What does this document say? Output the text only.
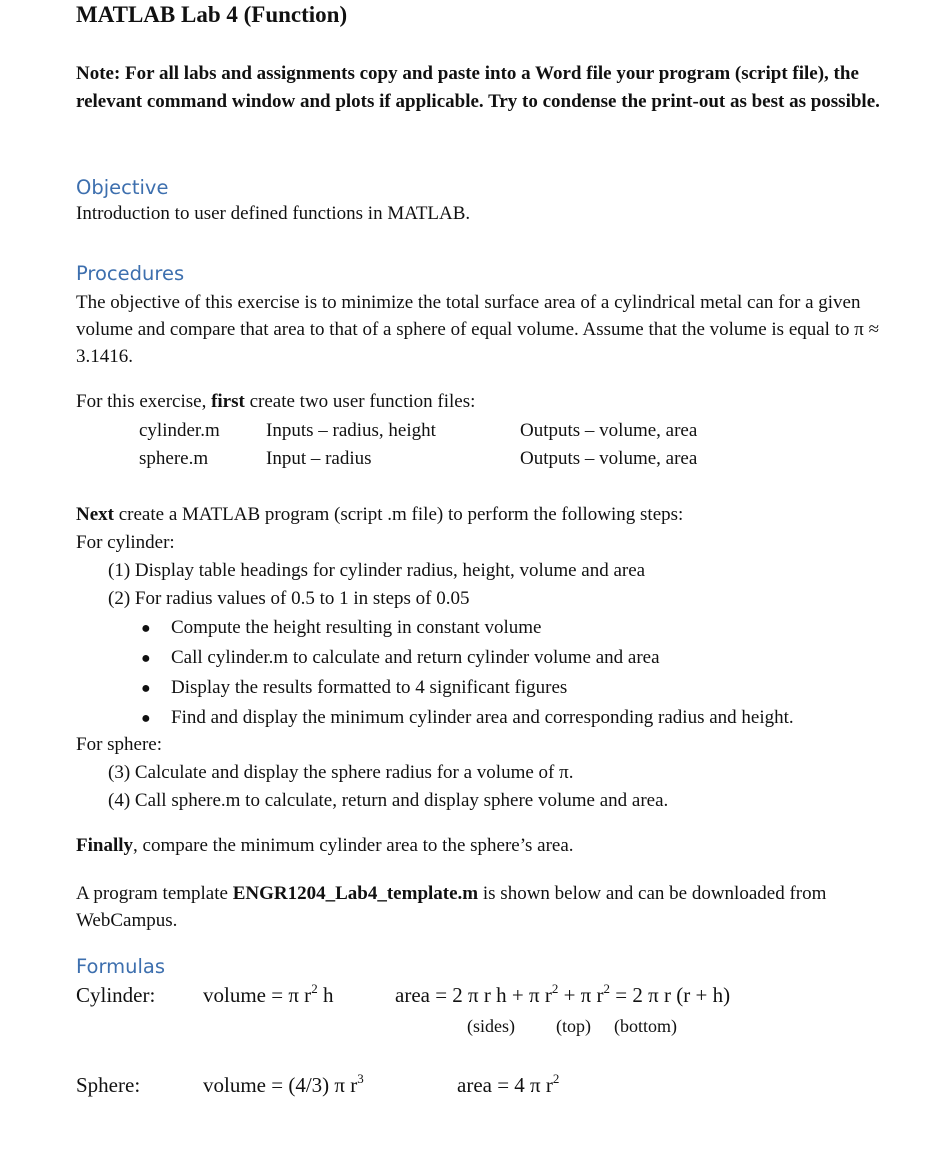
MATLAB Lab 4 (Function)
Note: For all labs and assignments copy and paste into a Word file your program (script file), the relevant command window and plots if applicable. Try to condense the print-out as best as possible.
Objective
Introduction to user defined functions in MATLAB.
Procedures
The objective of this exercise is to minimize the total surface area of a cylindrical metal can for a given volume and compare that area to that of a sphere of equal volume. Assume that the volume is equal to π ≈ 3.1416.
For this exercise, first create two user function files:
cylinder.m Inputs – radius, height	Outputs – volume, area
sphere.m	Input – radius	Outputs – volume, area
Next create a MATLAB program (script .m file) to perform the following steps:
For cylinder:
(1) Display table headings for cylinder radius, height, volume and area
(2) For radius values of 0.5 to 1 in steps of 0.05
● Compute the height resulting in constant volume
● Call cylinder.m to calculate and return cylinder volume and area
● Display the results formatted to 4 significant figures
● Find and display the minimum cylinder area and corresponding radius and height.
For sphere:
(3) Calculate and display the sphere radius for a volume of π.
(4) Call sphere.m to calculate, return and display sphere volume and area.
Finally, compare the minimum cylinder area to the sphere’s area.
A program template ENGR1204_Lab4_template.m is shown below and can be downloaded from WebCampus.
Formulas
Cylinder: volume = π $r^2$ h	area = 2 π r h + π $r^2 + \pi$ $r^2 = 2$ π r (r + h)
(sides) (top) (bottom)
Sphere:	volume = (4/3) π $r^3$	area = 4 π $r^2$
